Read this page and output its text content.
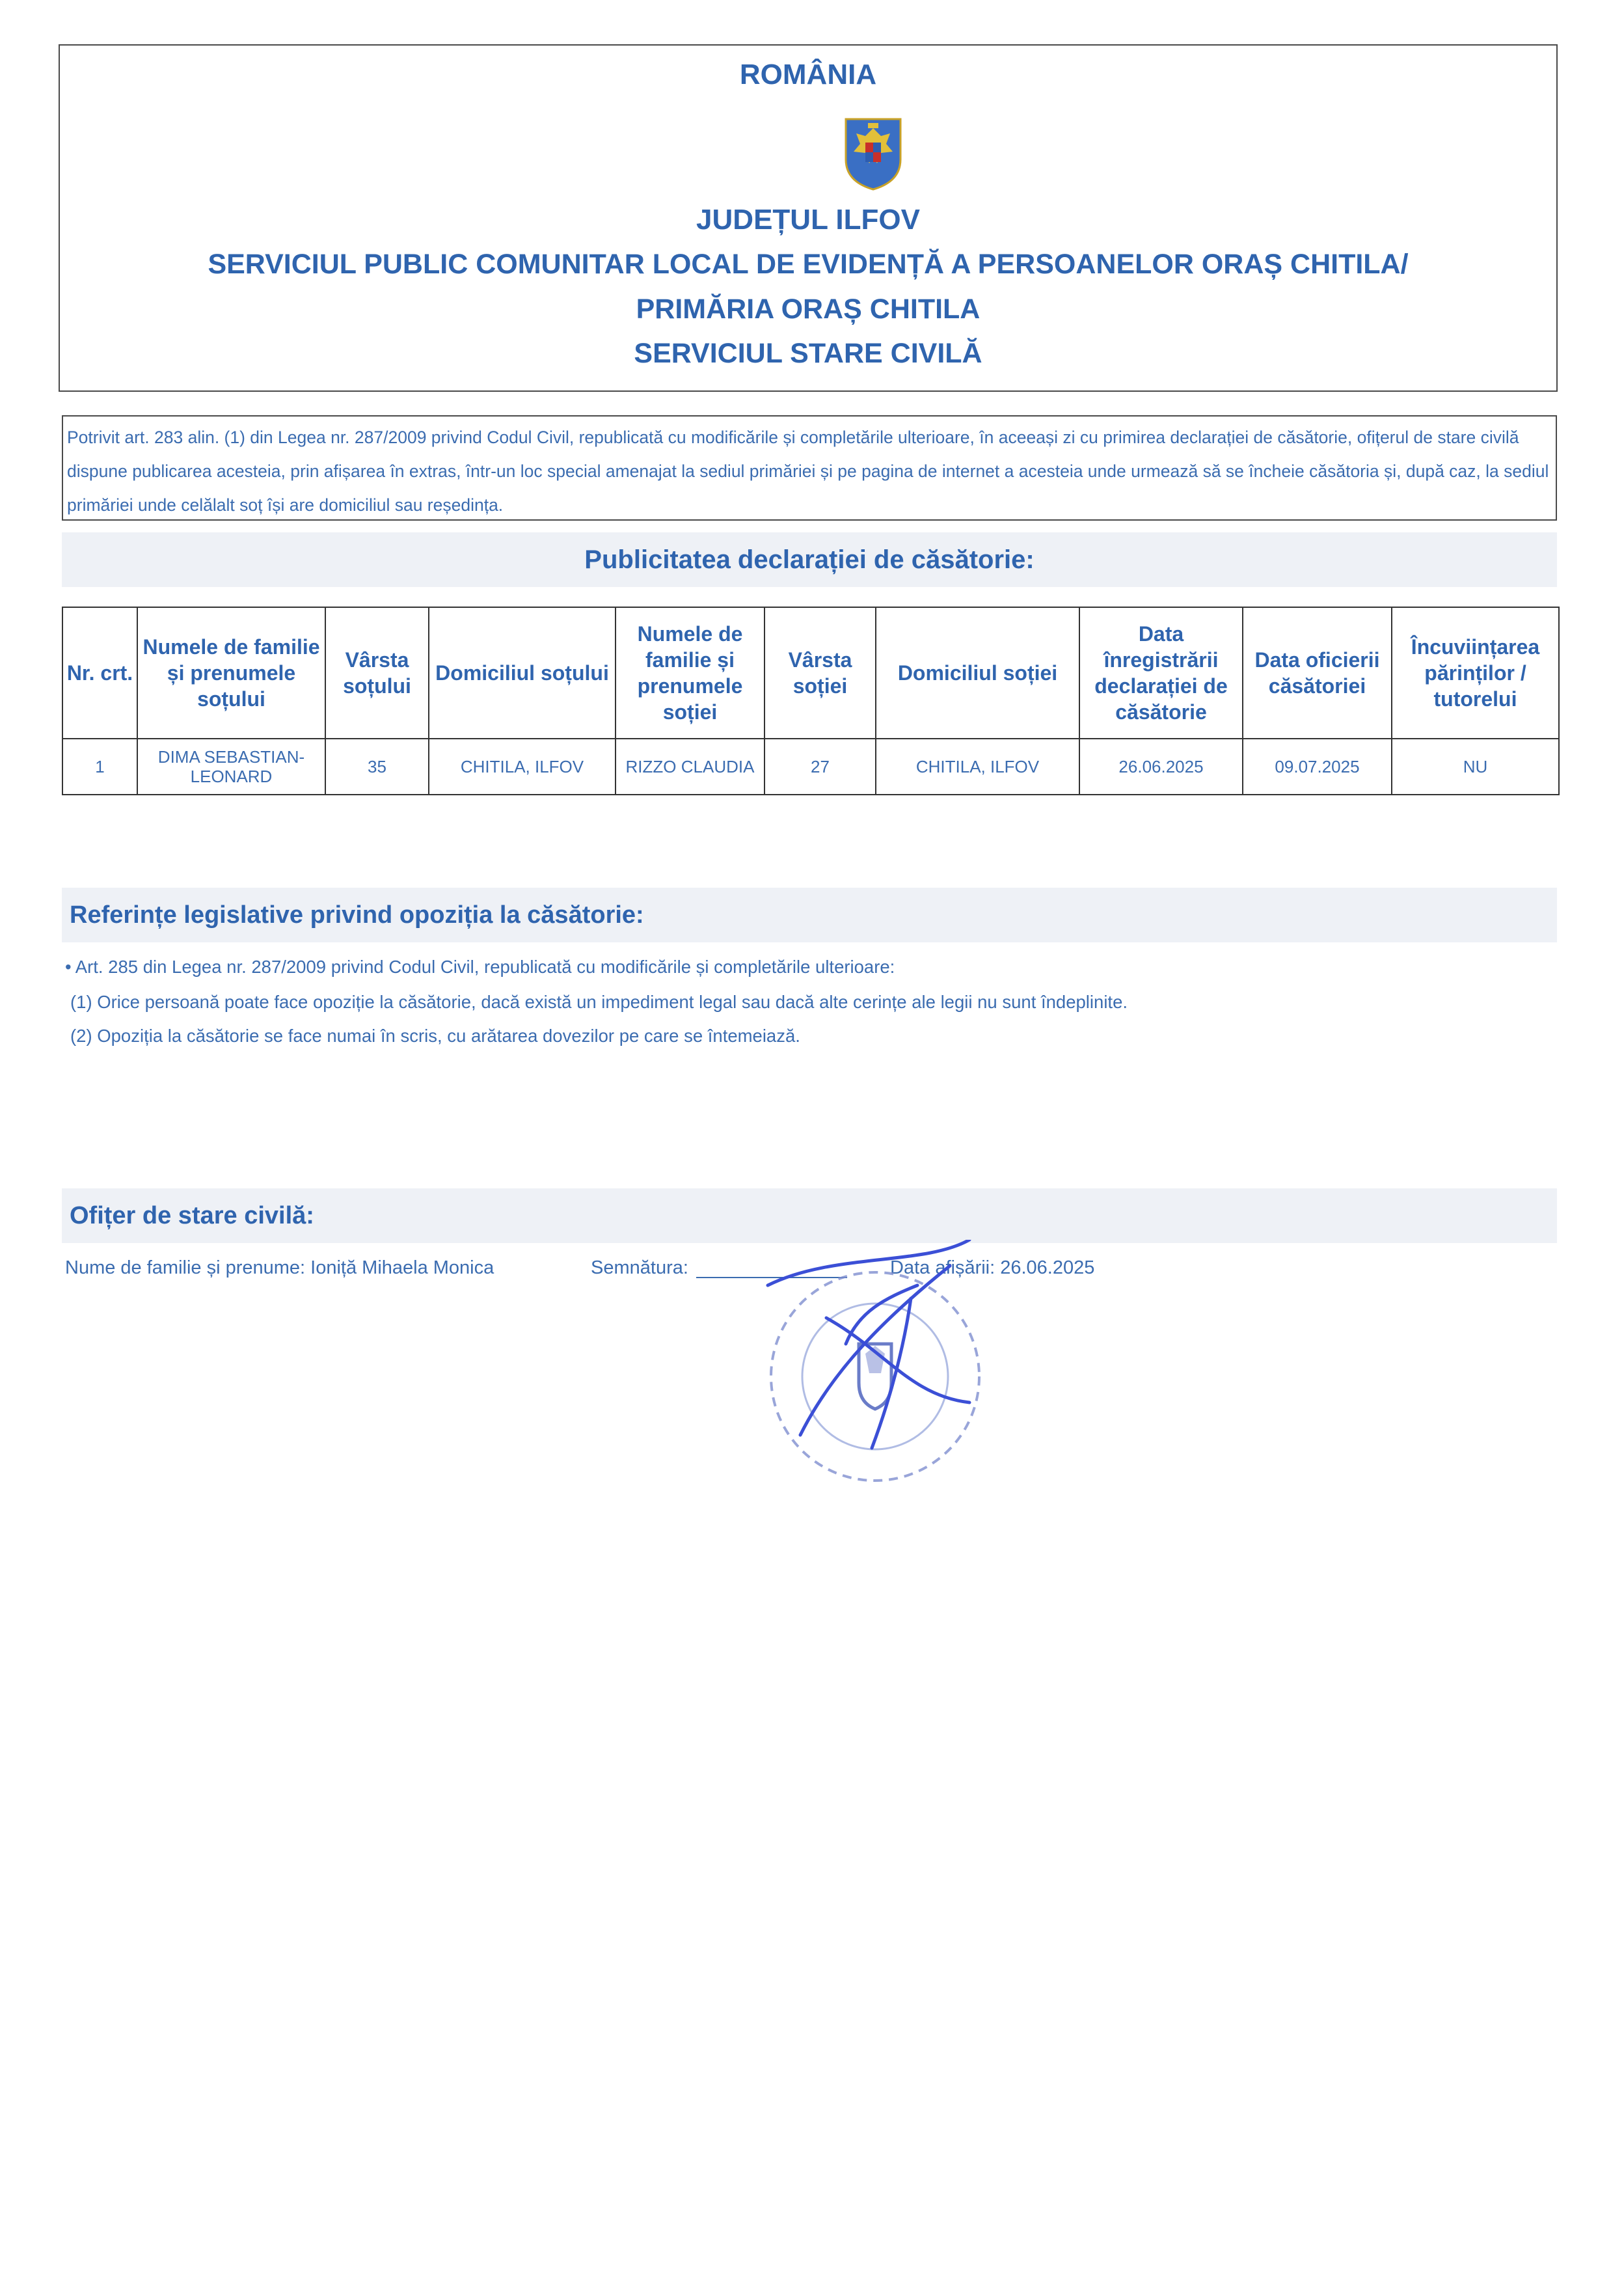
ROMÂNIA
JUDEȚUL ILFOV
SERVICIUL PUBLIC COMUNITAR LOCAL DE EVIDENȚĂ A PERSOANELOR ORAȘ CHITILA/
PRIMĂRIA ORAȘ CHITILA
SERVICIUL STARE CIVILĂ
Potrivit art. 283 alin. (1) din Legea nr. 287/2009 privind Codul Civil, republicată cu modificările și completările ulterioare, în aceeași zi cu primirea declarației de căsătorie, ofițerul de stare civilă dispune publicarea acesteia, prin afișarea în extras, într-un loc special amenajat la sediul primăriei și pe pagina de internet a acesteia unde urmează să se încheie căsătoria și, după caz, la sediul primăriei unde celălalt soț își are domiciliul sau reședința.
Publicitatea declarației de căsătorie:
Nr. crt.	Numele de familie și prenumele soțului	Vârsta soțului	Domiciliul soțului	Numele de familie și prenumele soției	Vârsta soției	Domiciliul soției	Data înregistrării declarației de căsătorie	Data oficierii căsătoriei	Încuviințarea părinților / tutorelui
1	DIMA SEBASTIAN-LEONARD	35	CHITILA, ILFOV	RIZZO CLAUDIA	27	CHITILA, ILFOV	26.06.2025	09.07.2025	NU
Referințe legislative privind opoziția la căsătorie:
• Art. 285 din Legea nr. 287/2009 privind Codul Civil, republicată cu modificările și completările ulterioare:
(1) Orice persoană poate face opoziție la căsătorie, dacă există un impediment legal sau dacă alte cerințe ale legii nu sunt îndeplinite.
(2) Opoziția la căsătorie se face numai în scris, cu arătarea dovezilor pe care se întemeiază.
Ofițer de stare civilă:
Nume de familie și prenume: Ioniță Mihaela Monica	Semnătura:	Data afișării: 26.06.2025
